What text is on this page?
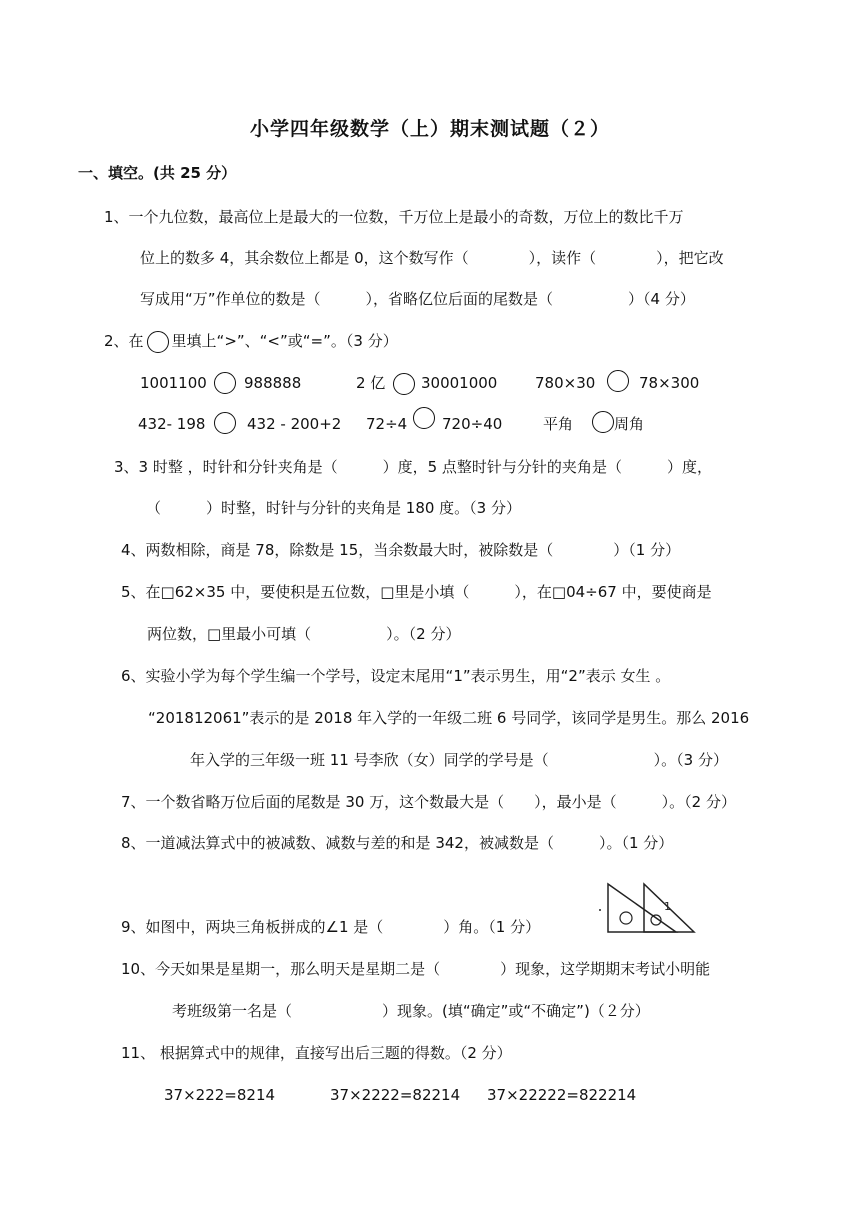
小学四年级数学（上）期末测试题（２）
一、填空。(共 25 分）
1、一个九位数，最高位上是最大的一位数，千万位上是最小的奇数，万位上的数比千万
位上的数多 4，其余数位上都是 0，这个数写作（　　　　），读作（　　　　），把它改
写成用“万”作单位的数是（　　　），省略亿位后面的尾数是（　　　　　）（4 分）
2、在 里填上“>”、“<”或“=”。（3 分）
1001100 988888	2 亿 30001000	780×30	78×300
432- 198	432 - 200+2 72÷4 720÷40	平角	周角
3、3 时整 ，时针和分针夹角是（　　　）度，5 点整时针与分针的夹角是（　　　）度，
（　　　）时整，时针与分针的夹角是 180 度。（3 分）
4、两数相除，商是 78，除数是 15，当余数最大时，被除数是（　　　　）（1 分）
5、在□62×35 中，要使积是五位数，□里是小填（　　　），在□04÷67 中，要使商是
两位数，□里最小可填（　　　　　）。（2 分）
6、实验小学为每个学生编一个学号，设定末尾用“1”表示男生，用“2”表示 女生 。
“201812061”表示的是 2018 年入学的一年级二班 6 号同学，该同学是男生。那么 2016
年入学的三年级一班 11 号李欣（女）同学的学号是（　　　　　　　）。（3 分）
7、一个数省略万位后面的尾数是 30 万，这个数最大是（　　），最小是（　　　）。（2 分）
8、一道减法算式中的被减数、减数与差的和是 342，被减数是（　　　）。（1 分）
9、如图中，两块三角板拼成的∠1 是（　　　　）角。（1 分）
1
10、今天如果是星期一，那么明天是星期二是（　　　　）现象，这学期期末考试小明能
考班级第一名是（　　　　　　）现象。(填“确定”或“不确定”)（２分）
11、 根据算式中的规律，直接写出后三题的得数。（2 分）
37×222=8214	37×2222=82214 37×22222=822214
